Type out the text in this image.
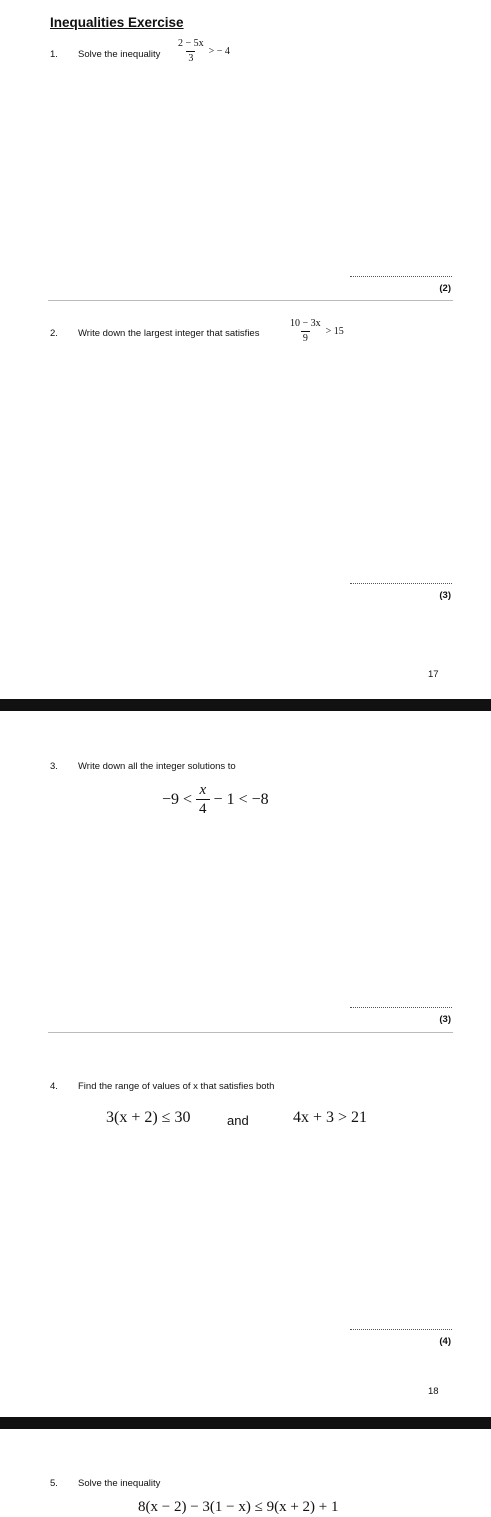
Inequalities Exercise
1. Solve the inequality $\frac{2 - 5x}{3}$ > − 4
(2)
2. Write down the largest integer that satisfies	$\frac{10 - 3x}{9} > 15$
(3)
17
3. Write down all the integer solutions to
$-9 < \frac{x}{4} - 1 < -8$
(3)
4. Find the range of values of x that satisfies both
3(x + 2) ≤ 30	and	4x + 3 > 21
(4)
18
5. Solve the inequality
8(x − 2) − 3(1 − x) ≤ 9(x + 2) + 1
